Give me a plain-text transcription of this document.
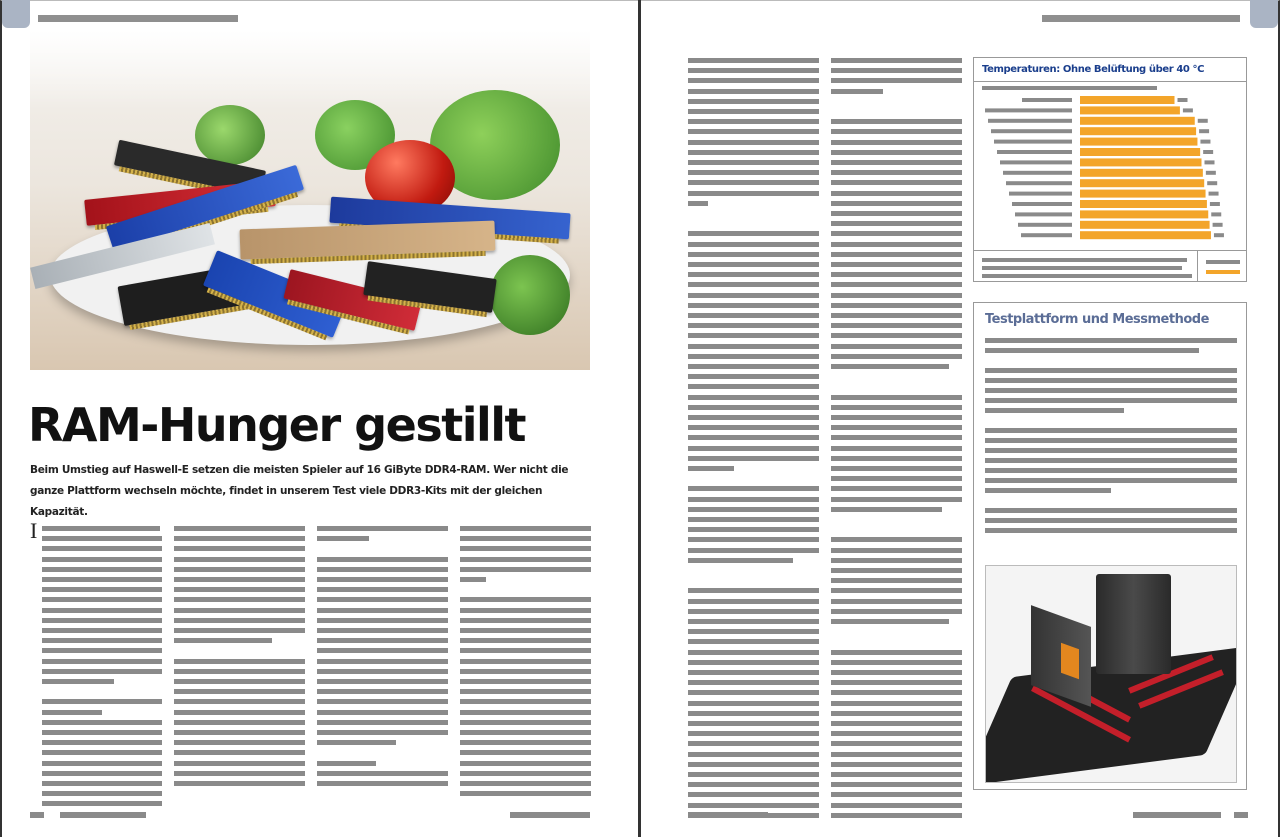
RAM-Hunger gestillt

Beim Umstieg auf Haswell-E setzen die meisten Spieler auf 16 GiByte DDR4-RAM. Wer nicht die ganze Plattform wechseln möchte, findet in unserem Test viele DDR3-Kits mit der gleichen Kapazität.

I
Temperaturen: Ohne Belüftung über 40 °C
Testplattform und Messmethode
